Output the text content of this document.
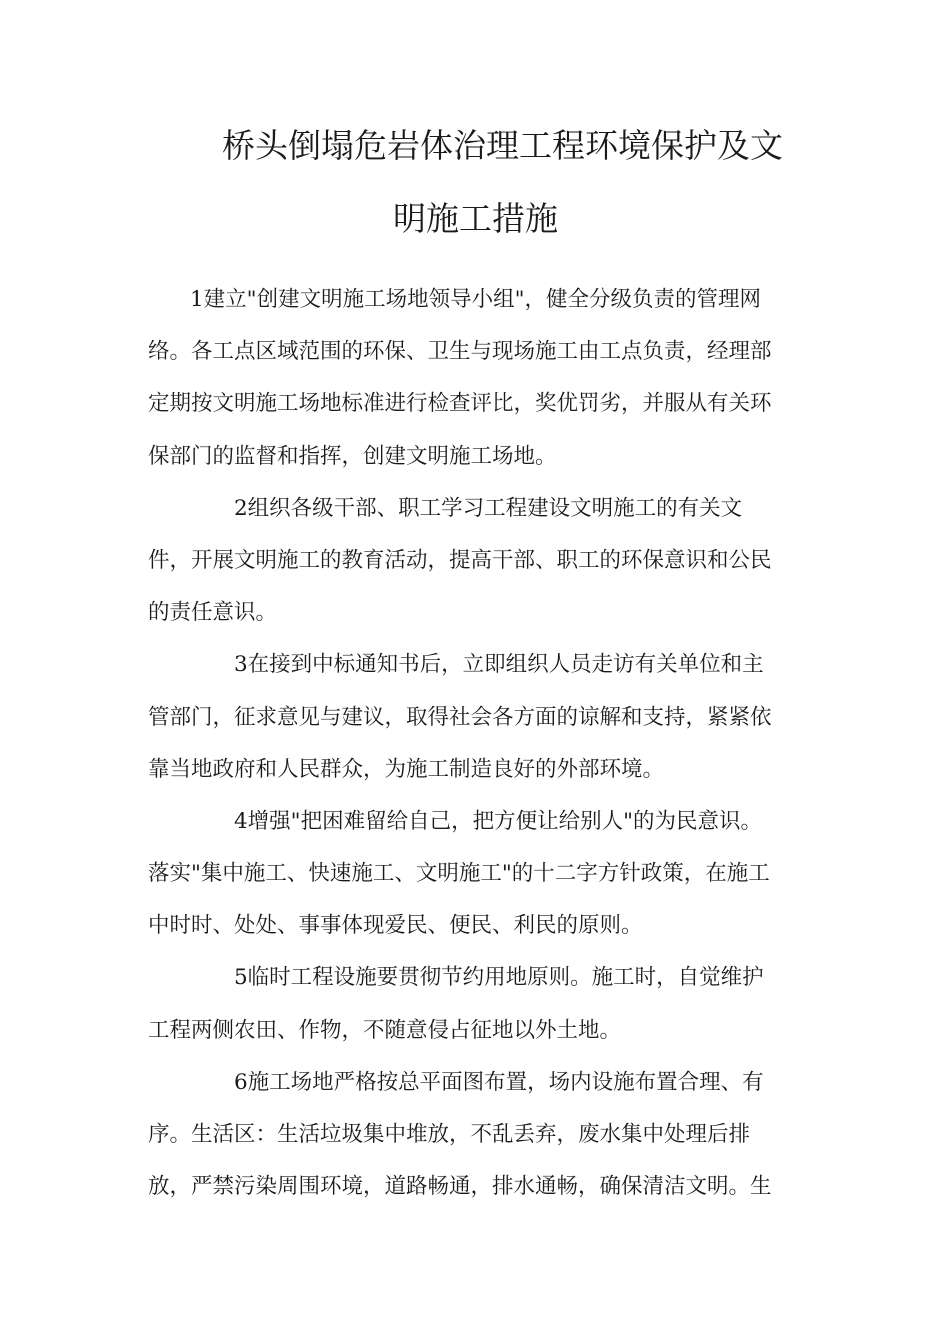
桥头倒塌危岩体治理工程环境保护及文
明施工措施
1建立"创建文明施工场地领导小组"，健全分级负责的管理网
络。各工点区域范围的环保、卫生与现场施工由工点负责，经理部
定期按文明施工场地标准进行检查评比，奖优罚劣，并服从有关环
保部门的监督和指挥，创建文明施工场地。
2组织各级干部、职工学习工程建设文明施工的有关文
件，开展文明施工的教育活动，提高干部、职工的环保意识和公民
的责任意识。
3在接到中标通知书后，立即组织人员走访有关单位和主
管部门，征求意见与建议，取得社会各方面的谅解和支持，紧紧依
靠当地政府和人民群众，为施工制造良好的外部环境。
4增强"把困难留给自己，把方便让给别人"的为民意识。
落实"集中施工、快速施工、文明施工"的十二字方针政策，在施工
中时时、处处、事事体现爱民、便民、利民的原则。
5临时工程设施要贯彻节约用地原则。施工时，自觉维护
工程两侧农田、作物，不随意侵占征地以外土地。
6施工场地严格按总平面图布置，场内设施布置合理、有
序。生活区：生活垃圾集中堆放，不乱丢弃，废水集中处理后排
放，严禁污染周围环境，道路畅通，排水通畅，确保清洁文明。生
